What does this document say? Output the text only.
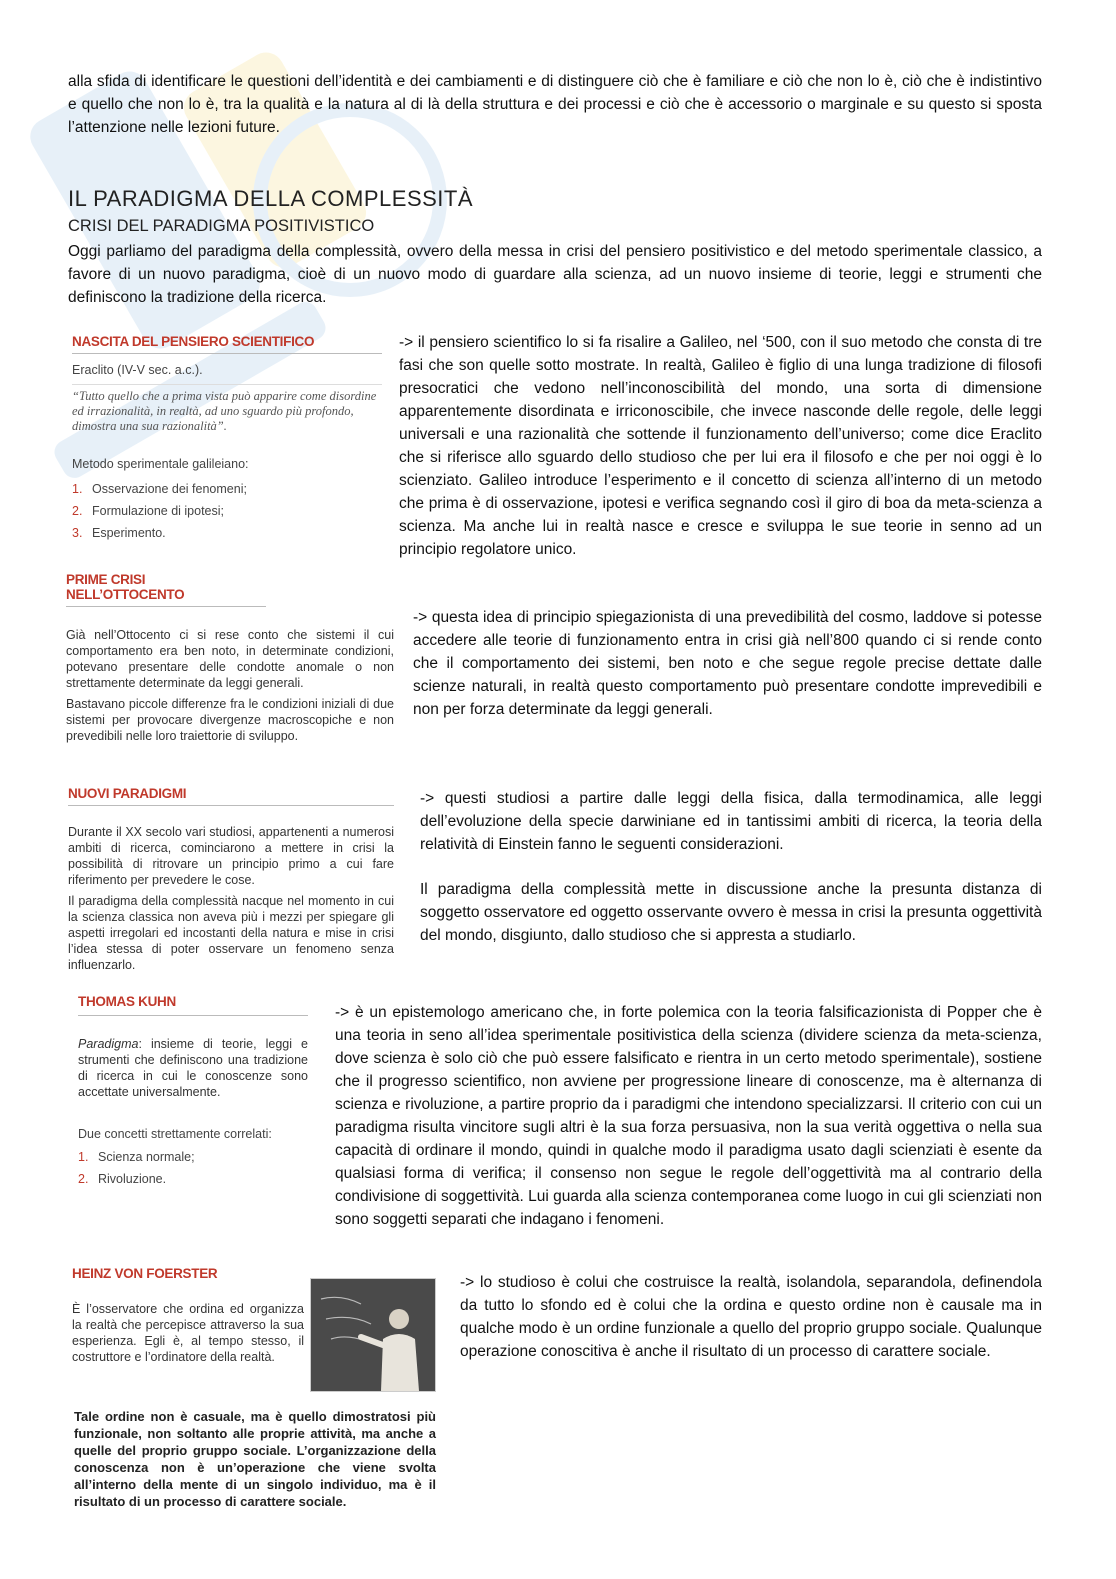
alla sfida di identificare le questioni dell’identità e dei cambiamenti e di distinguere ciò che è familiare e ciò che non lo è, ciò che è indistintivo e quello che non lo è, tra la qualità e la natura al di là della struttura e dei processi e ciò che è accessorio o marginale e su questo si sposta l’attenzione nelle lezioni future.
IL PARADIGMA DELLA COMPLESSITÀ
CRISI DEL PARADIGMA POSITIVISTICO
Oggi parliamo del paradigma della complessità, ovvero della messa in crisi del pensiero positivistico e del metodo sperimentale classico, a favore di un nuovo paradigma, cioè di un nuovo modo di guardare alla scienza, ad un nuovo insieme di teorie, leggi e strumenti che definiscono la tradizione della ricerca.
NASCITA DEL PENSIERO SCIENTIFICO
Eraclito (IV-V sec. a.c.).
“Tutto quello che a prima vista può apparire come disordine ed irrazionalità, in realtà, ad uno sguardo più profondo, dimostra una sua razionalità”.
Metodo sperimentale galileiano:
1. Osservazione dei fenomeni;
2. Formulazione di ipotesi;
3. Esperimento.
-> il pensiero scientifico lo si fa risalire a Galileo, nel ‘500, con il suo metodo che consta di tre fasi che son quelle sotto mostrate. In realtà, Galileo è figlio di una lunga tradizione di filosofi presocratici che vedono nell’inconoscibilità del mondo, una sorta di dimensione apparentemente disordinata e irriconoscibile, che invece nasconde delle regole, delle leggi universali e una razionalità che sottende il funzionamento dell’universo; come dice Eraclito che si riferisce allo sguardo dello studioso che per lui era il filosofo e che per noi oggi è lo scienziato. Galileo introduce l’esperimento e il concetto di scienza all’interno di un metodo che prima è di osservazione, ipotesi e verifica segnando così il giro di boa da meta-scienza a scienza. Ma anche lui in realtà nasce e cresce e sviluppa le sue teorie in senno ad un principio regolatore unico.
PRIME CRISI NELL’OTTOCENTO
Già nell’Ottocento ci si rese conto che sistemi il cui comportamento era ben noto, in determinate condizioni, potevano presentare delle condotte anomale o non strettamente determinate da leggi generali.
Bastavano piccole differenze fra le condizioni iniziali di due sistemi per provocare divergenze macroscopiche e non prevedibili nelle loro traiettorie di sviluppo.
-> questa idea di principio spiegazionista di una prevedibilità del cosmo, laddove si potesse accedere alle teorie di funzionamento entra in crisi già nell’800 quando ci si rende conto che il comportamento dei sistemi, ben noto e che segue regole precise dettate dalle scienze naturali, in realtà questo comportamento può presentare condotte imprevedibili e non per forza determinate da leggi generali.
NUOVI PARADIGMI
Durante il XX secolo vari studiosi, appartenenti a numerosi ambiti di ricerca, cominciarono a mettere in crisi la possibilità di ritrovare un principio primo a cui fare riferimento per prevedere le cose.
Il paradigma della complessità nacque nel momento in cui la scienza classica non aveva più i mezzi per spiegare gli aspetti irregolari ed incostanti della natura e mise in crisi l’idea stessa di poter osservare un fenomeno senza influenzarlo.
-> questi studiosi a partire dalle leggi della fisica, dalla termodinamica, alle leggi dell’evoluzione della specie darwiniane ed in tantissimi ambiti di ricerca, la teoria della relatività di Einstein fanno le seguenti considerazioni.
Il paradigma della complessità mette in discussione anche la presunta distanza di soggetto osservatore ed oggetto osservante ovvero è messa in crisi la presunta oggettività del mondo, disgiunto, dallo studioso che si appresta a studiarlo.
THOMAS KUHN
Paradigma: insieme di teorie, leggi e strumenti che definiscono una tradizione di ricerca in cui le conoscenze sono accettate universalmente.
Due concetti strettamente correlati:
1. Scienza normale;
2. Rivoluzione.
-> è un epistemologo americano che, in forte polemica con la teoria falsificazionista di Popper che è una teoria in seno all’idea sperimentale positivistica della scienza (dividere scienza da meta-scienza, dove scienza è solo ciò che può essere falsificato e rientra in un certo metodo sperimentale), sostiene che il progresso scientifico, non avviene per progressione lineare di conoscenze, ma è alternanza di scienza e rivoluzione, a partire proprio da i paradigmi che intendono specializzarsi. Il criterio con cui un paradigma risulta vincitore sugli altri è la sua forza persuasiva, non la sua verità oggettiva o nella sua capacità di ordinare il mondo, quindi in qualche modo il paradigma usato dagli scienziati è esente da qualsiasi forma di verifica; il consenso non segue le regole dell’oggettività ma al contrario della condivisione di soggettività. Lui guarda alla scienza contemporanea come luogo in cui gli scienziati non sono soggetti separati che indagano i fenomeni.
HEINZ VON FOERSTER
È l’osservatore che ordina ed organizza la realtà che percepisce attraverso la sua esperienza. Egli è, al tempo stesso, il costruttore e l’ordinatore della realtà.
Tale ordine non è casuale, ma è quello dimostratosi più funzionale, non soltanto alle proprie attività, ma anche a quelle del proprio gruppo sociale. L’organizzazione della conoscenza non è un’operazione che viene svolta all’interno della mente di un singolo individuo, ma è il risultato di un processo di carattere sociale.
-> lo studioso è colui che costruisce la realtà, isolandola, separandola, definendola da tutto lo sfondo ed è colui che la ordina e questo ordine non è causale ma in qualche modo è un ordine funzionale a quello del proprio gruppo sociale. Qualunque operazione conoscitiva è anche il risultato di un processo di carattere sociale.
